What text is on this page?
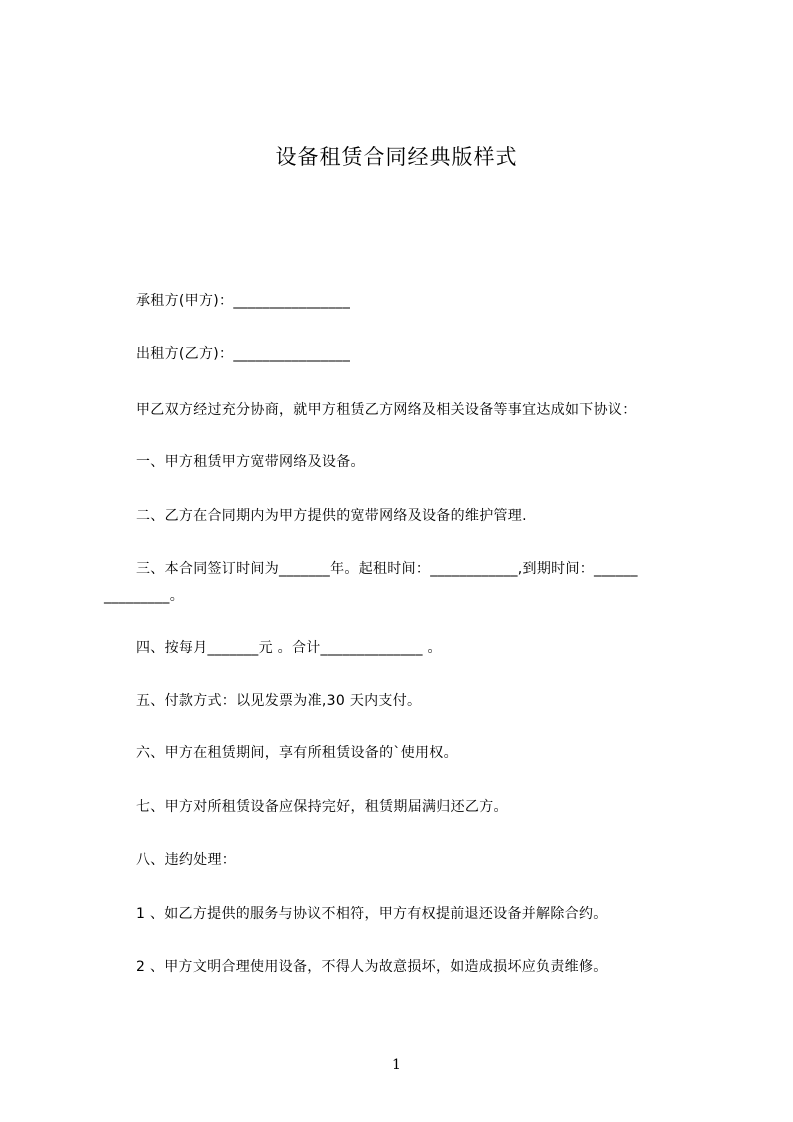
设备租赁合同经典版样式
承租方(甲方)：________________
出租方(乙方)：________________
甲乙双方经过充分协商，就甲方租赁乙方网络及相关设备等事宜达成如下协议：
一、甲方租赁甲方宽带网络及设备。
二、乙方在合同期内为甲方提供的宽带网络及设备的维护管理.
三、本合同签订时间为_______年。起租时间：____________,到期时间：______
_________。
四、按每月_______元 。合计______________ 。
五、付款方式：以见发票为准,30 天内支付。
六、甲方在租赁期间，享有所租赁设备的`使用权。
七、甲方对所租赁设备应保持完好，租赁期届满归还乙方。
八、违约处理：
1 、如乙方提供的服务与协议不相符，甲方有权提前退还设备并解除合约。
2 、甲方文明合理使用设备，不得人为故意损坏，如造成损坏应负责维修。
1
